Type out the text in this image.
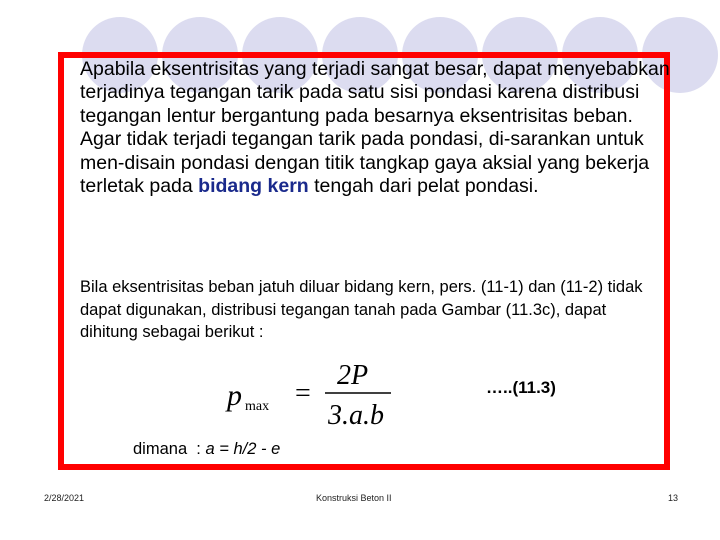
Apabila eksentrisitas yang terjadi sangat besar, dapat menyebabkan terjadinya tegangan tarik pada satu sisi pondasi karena distribusi tegangan lentur bergantung pada besarnya eksentrisitas beban.

Agar tidak terjadi tegangan tarik pada pondasi, di-sarankan untuk men-disain pondasi dengan titik tangkap gaya aksial yang bekerja terletak pada bidang kern tengah dari pelat pondasi.

Bila eksentrisitas beban jatuh diluar bidang kern, pers. (11-1) dan (11-2) tidak dapat digunakan, distribusi tegangan tanah pada Gambar (11.3c), dapat dihitung sebagai berikut :

p max =
2P
3.a.b
…..(11.3)
dimana : a = h/2 - e
2/28/2021	Konstruksi Beton II	13
